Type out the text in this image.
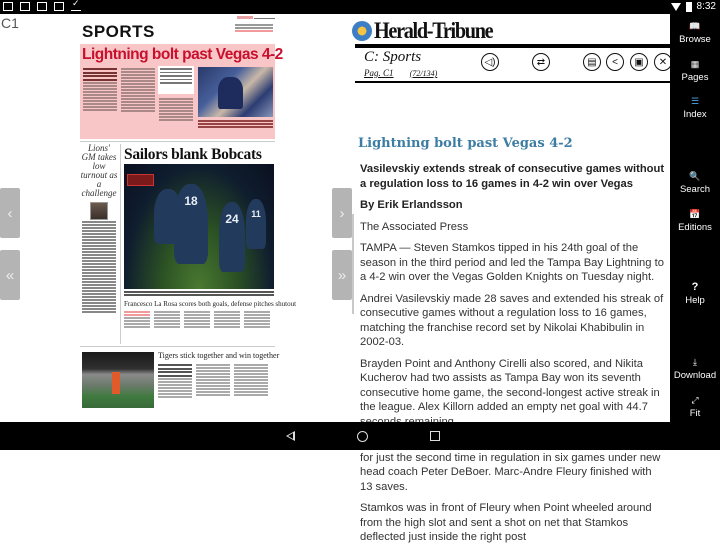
✓
8:32
C1	▬▬▬▬▬▬▬
SPORTS
Lightning bolt past Vegas 4-2
Lions' GM takes low turnout as a challenge
Sailors blank Bobcats
18
24 11
Francesco La Rosa scores both goals, defense pitches shutout
Tigers stick together and win together
‹
«
›
»
Herald-Tribune
C: Sports
Pag. C1 (72/134)
◁)	⇄	▤ < ▣ ✕
Lightning bolt past Vegas 4-2

Vasilevskiy extends streak of consecutive games without a regulation loss to 16 games in 4-2 win over Vegas

By Erik Erlandsson

The Associated Press

TAMPA — Steven Stamkos tipped in his 24th goal of the season in the third period and led the Tampa Bay Lightning to a 4-2 win over the Vegas Golden Knights on Tuesday night.

Andrei Vasilevskiy made 28 saves and extended his streak of consecutive games without a regulation loss to 16 games, matching the franchise record set by Nikolai Khabibulin in 2002-03.

Brayden Point and Anthony Cirelli also scored, and Nikita Kucherov had two assists as Tampa Bay won its seventh consecutive home game, the second-longest active streak in the league. Alex Killorn added an empty net goal with 44.7

for just the second time in regulation in six games under new head coach Peter DeBoer. Marc-Andre Fleury finished with 13 saves.

Stamkos was in front of Fleury when Point wheeled around from the high slot and sent a shot on net that Stamkos deflected just inside the right post

📖
Browse
▦
Pages
☰
Index
🔍
Search
📅
Editions
?
Help
⤓
Download
⤢
Fit
